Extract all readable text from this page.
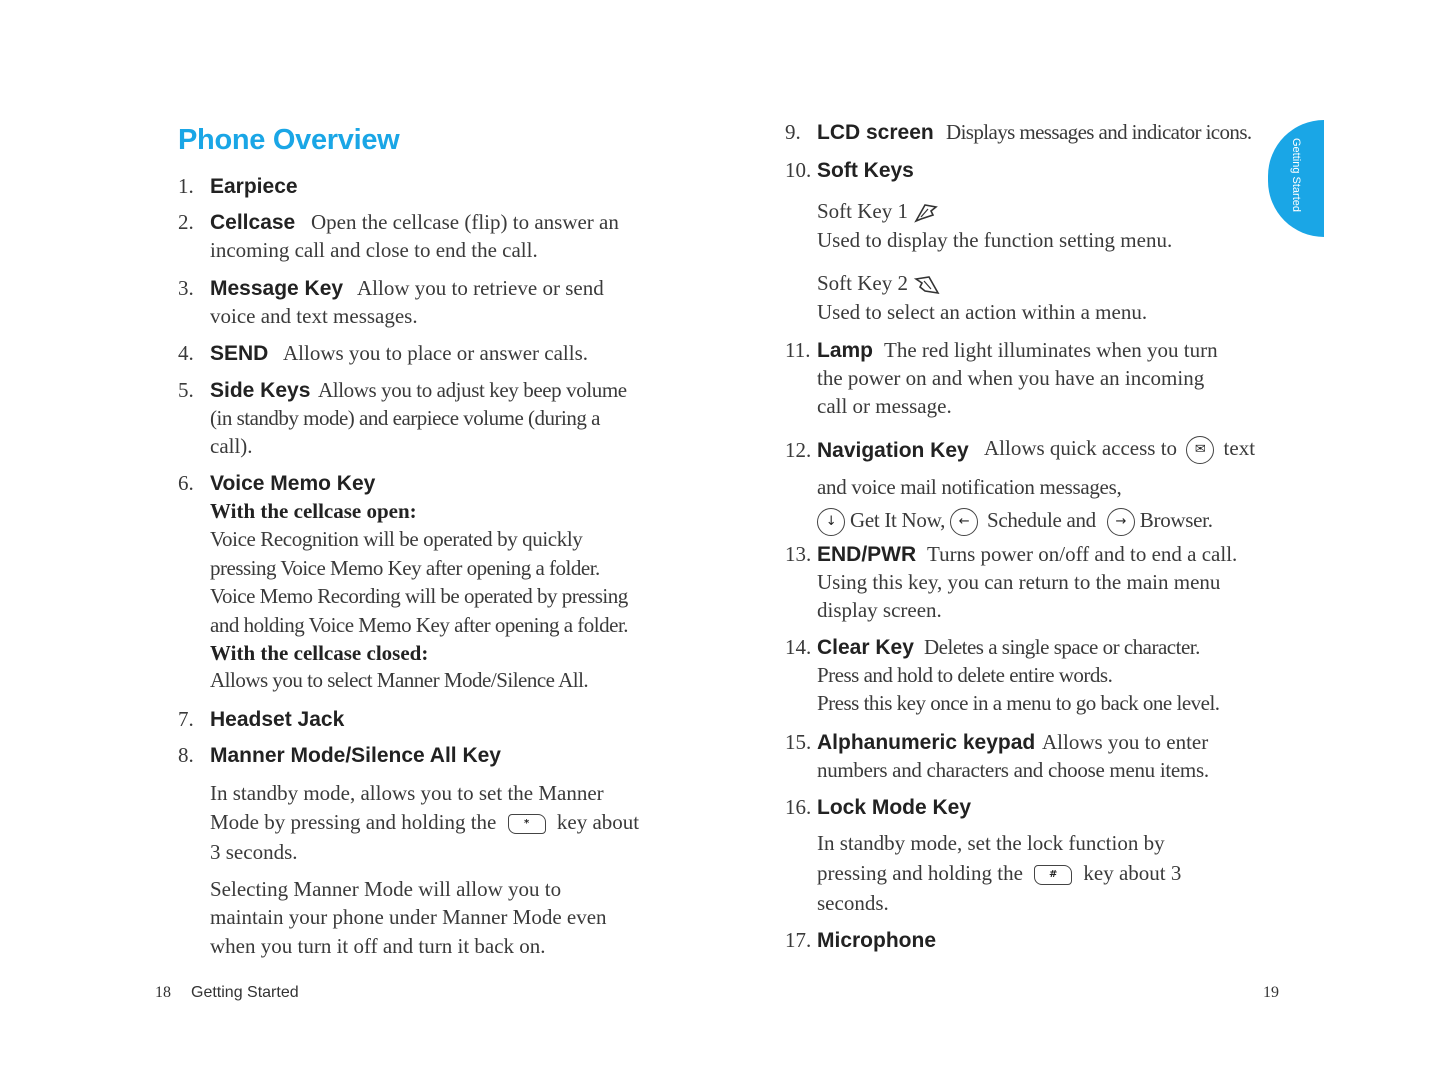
Phone Overview
1. Earpiece
2. Cellcase Open the cellcase (flip) to answer an
incoming call and close to end the call.
3. Message Key Allow you to retrieve or send
voice and text messages.
4. SEND Allows you to place or answer calls.
5. Side Keys Allows you to adjust key beep volume
(in standby mode) and earpiece volume (during a
call).
6. Voice Memo Key
With the cellcase open:
Voice Recognition will be operated by quickly
pressing Voice Memo Key after opening a folder.
Voice Memo Recording will be operated by pressing
and holding Voice Memo Key after opening a folder.
With the cellcase closed:
Allows you to select Manner Mode/Silence All.
7. Headset Jack
8. Manner Mode/Silence All Key
In standby mode, allows you to set the Manner
Mode by pressing and holding the	* key about
3 seconds.
Selecting Manner Mode will allow you to
maintain your phone under Manner Mode even
when you turn it off and turn it back on.
18 Getting Started
9. LCD screen Displays messages and indicator icons.
10. Soft Keys
Soft Key 1
Used to display the function setting menu.
Soft Key 2
Used to select an action within a menu.
11. Lamp The red light illuminates when you turn
the power on and when you have an incoming
call or message.
12. Navigation Key Allows quick access to ✉ text
and voice mail notification messages,
↓ Get It Now, ← Schedule and → Browser.
13. END/PWR Turns power on/off and to end a call.
Using this key, you can return to the main menu
display screen.
14. Clear Key Deletes a single space or character.
Press and hold to delete entire words.
Press this key once in a menu to go back one level.
15. Alphanumeric keypad Allows you to enter
numbers and characters and choose menu items.
16. Lock Mode Key
In standby mode, set the lock function by
pressing and holding the	# key about 3
seconds.
17. Microphone
19
Getting Started
